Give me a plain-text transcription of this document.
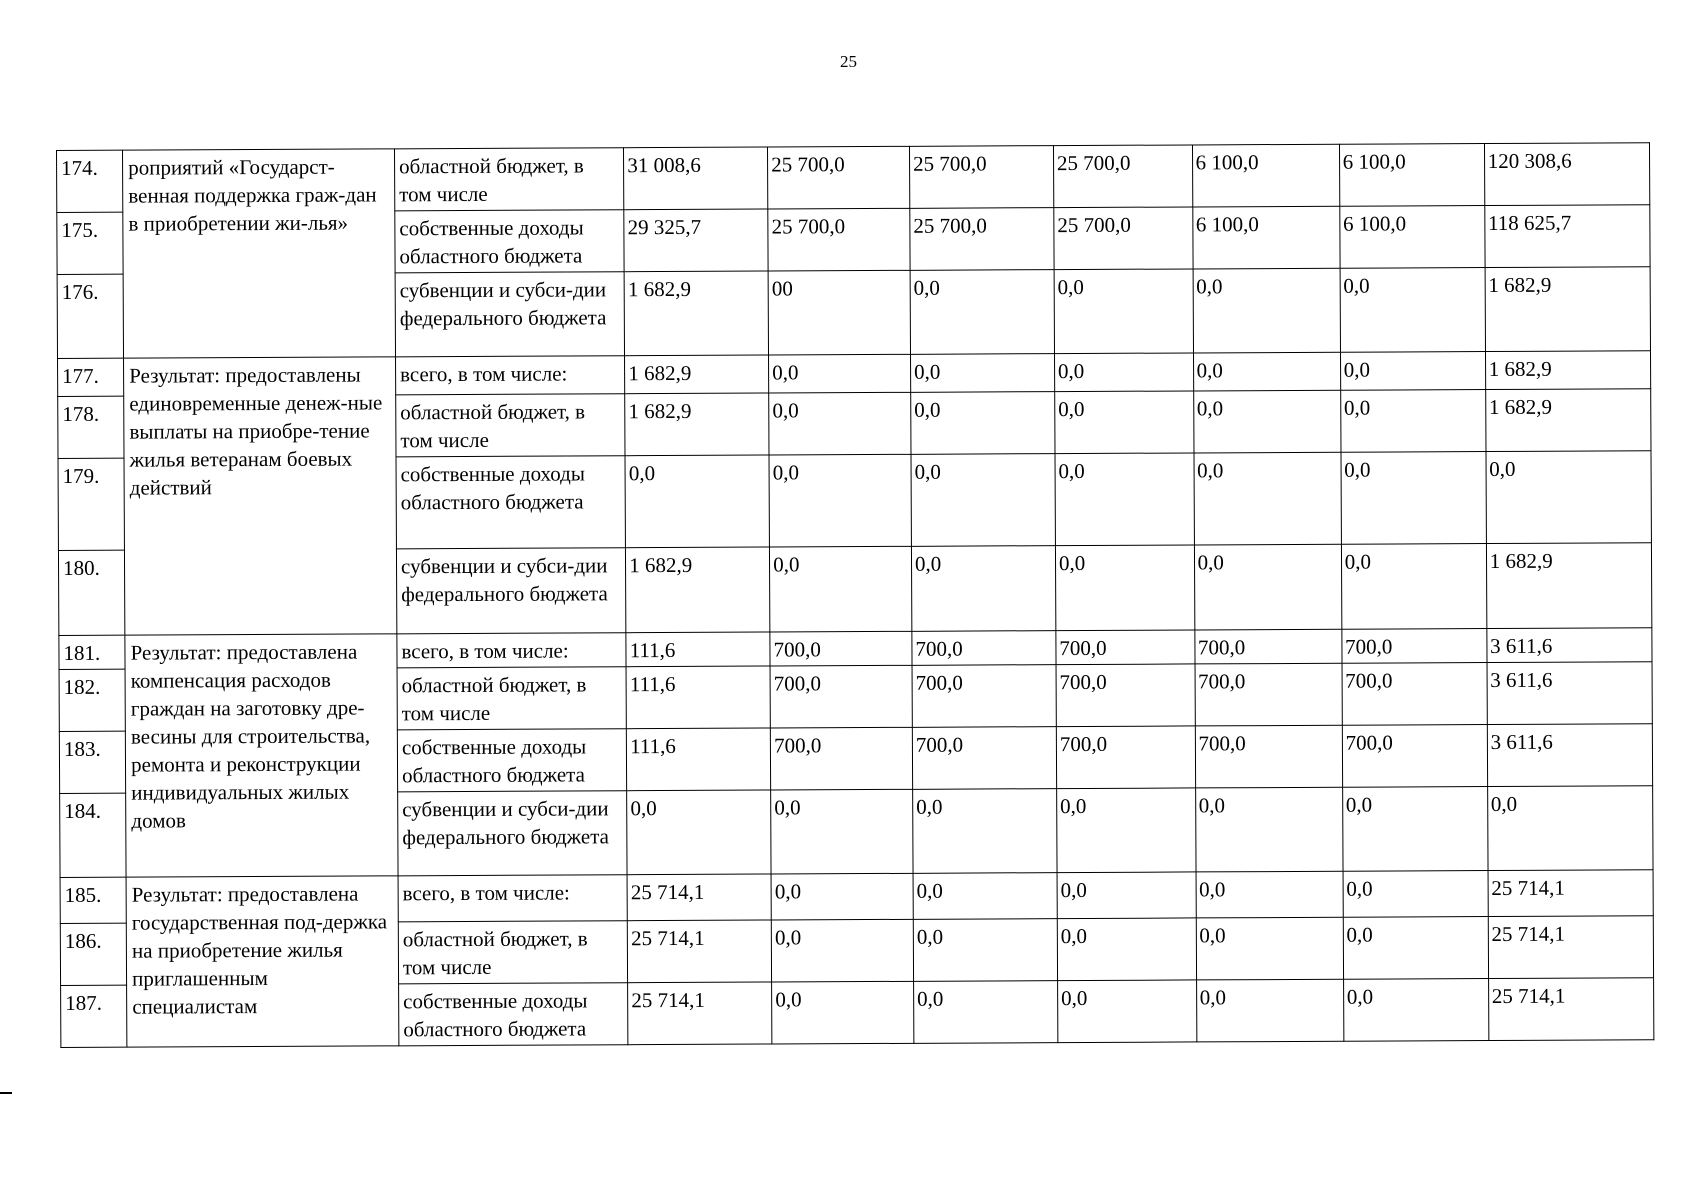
25
174.	роприятий «Государст-венная поддержка граж-дан в приобретении жи-лья»	областной бюджет, в том числе	31 008,6	25 700,0	25 700,0	25 700,0	6 100,0	6 100,0	120 308,6
175.		собственные доходы областного бюджета	29 325,7	25 700,0	25 700,0	25 700,0	6 100,0	6 100,0	118 625,7
176.		субвенции и субси-дии федерального бюджета	1 682,9	00	0,0	0,0	0,0	0,0	1 682,9
177.	Результат: предоставлены единовременные денеж-ные выплаты на приобре-тение жилья ветеранам боевых действий	всего, в том числе:	1 682,9	0,0	0,0	0,0	0,0	0,0	1 682,9
178.		областной бюджет, в том числе	1 682,9	0,0	0,0	0,0	0,0	0,0	1 682,9
179.		собственные доходы областного бюджета	0,0	0,0	0,0	0,0	0,0	0,0	0,0
180.		субвенции и субси-дии федерального бюджета	1 682,9	0,0	0,0	0,0	0,0	0,0	1 682,9
181.	Результат: предоставлена компенсация расходов граждан на заготовку дре-весины для строительства, ремонта и реконструкции индивидуальных жилых домов	всего, в том числе:	111,6	700,0	700,0	700,0	700,0	700,0	3 611,6
182.		областной бюджет, в том числе	111,6	700,0	700,0	700,0	700,0	700,0	3 611,6
183.		собственные доходы областного бюджета	111,6	700,0	700,0	700,0	700,0	700,0	3 611,6
184.		субвенции и субси-дии федерального бюджета	0,0	0,0	0,0	0,0	0,0	0,0	0,0
185.	Результат: предоставлена государственная под-держка на приобретение жилья приглашенным специалистам	всего, в том числе:	25 714,1	0,0	0,0	0,0	0,0	0,0	25 714,1
186.		областной бюджет, в том числе	25 714,1	0,0	0,0	0,0	0,0	0,0	25 714,1
187.		собственные доходы областного бюджета	25 714,1	0,0	0,0	0,0	0,0	0,0	25 714,1
